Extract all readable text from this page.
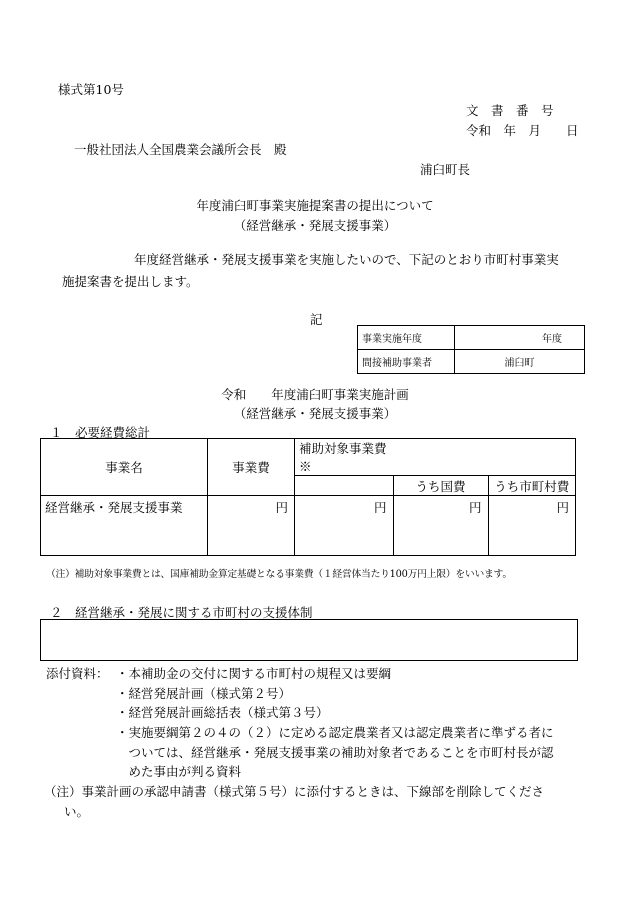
様式第10号
文　書　番　号
令和　年　月　　日
一般社団法人全国農業会議所会長　殿
浦臼町長
年度浦臼町事業実施提案書の提出について
（経営継承・発展支援事業）
年度経営継承・発展支援事業を実施したいので、下記のとおり市町村事業実
施提案書を提出します。
記
事業実施年度	年度
間接補助事業者	浦臼町
令和　　年度浦臼町事業実施計画
（経営継承・発展支援事業）
１　必要経費総計
事業名	事業費	補助対象事業費※		
			うち国費	うち市町村費
経営継承・発展支援事業	円	円	円	円
（注）補助対象事業費とは、国庫補助金算定基礎となる事業費（１経営体当たり100万円上限）をいいます。
２　経営継承・発展に関する市町村の支援体制
添付資料： ・本補助金の交付に関する市町村の規程又は要綱
・経営発展計画（様式第２号）
・経営発展計画総括表（様式第３号）
・実施要綱第２の４の（２）に定める認定農業者又は認定農業者に準ずる者に
　ついては、経営継承・発展支援事業の補助対象者であることを市町村長が認
　めた事由が判る資料
（注）事業計画の承認申請書（様式第５号）に添付するときは、下線部を削除してくださ
い。
